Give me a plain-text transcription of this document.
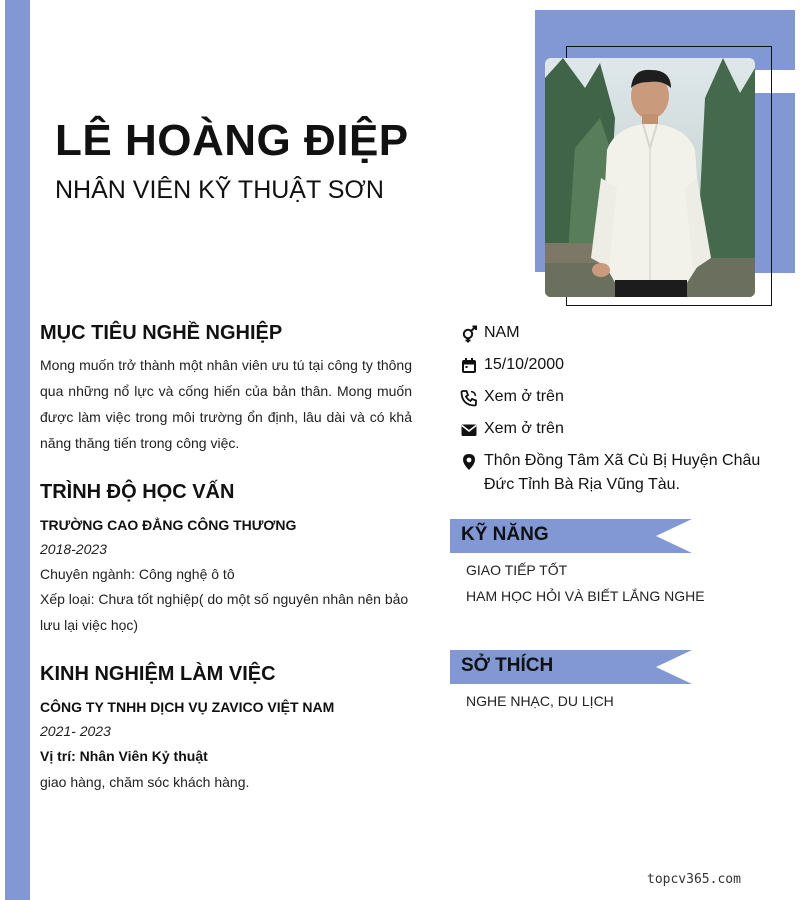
LÊ HOÀNG ĐIỆP
NHÂN VIÊN KỸ THUẬT SƠN
MỤC TIÊU NGHỀ NGHIỆP
Mong muốn trở thành một nhân viên ưu tú tại công ty thông qua những nổ lực và cống hiến của bản thân. Mong muốn được làm việc trong môi trường ổn định, lâu dài và có khả năng thăng tiến trong công việc.
TRÌNH ĐỘ HỌC VẤN
TRƯỜNG CAO ĐẲNG CÔNG THƯƠNG
2018-2023
Chuyên ngành: Công nghệ ô tô
Xếp loại: Chưa tốt nghiệp( do một số nguyên nhân nên bảo lưu lại việc học)
KINH NGHIỆM LÀM VIỆC
CÔNG TY TNHH DỊCH VỤ ZAVICO VIỆT NAM
2021- 2023
Vị trí: Nhân Viên Kỷ thuật
giao hàng, chăm sóc khách hàng.
NAM
15/10/2000
Xem ở trên
Xem ở trên
Thôn Đồng Tâm Xã Cù Bị Huyện Châu Đức Tỉnh Bà Rịa Vũng Tàu.
KỸ NĂNG
GIAO TIẾP TỐT
HAM HỌC HỎI VÀ BIẾT LẮNG NGHE
SỞ THÍCH
NGHE NHẠC, DU LỊCH
topcv365.com
